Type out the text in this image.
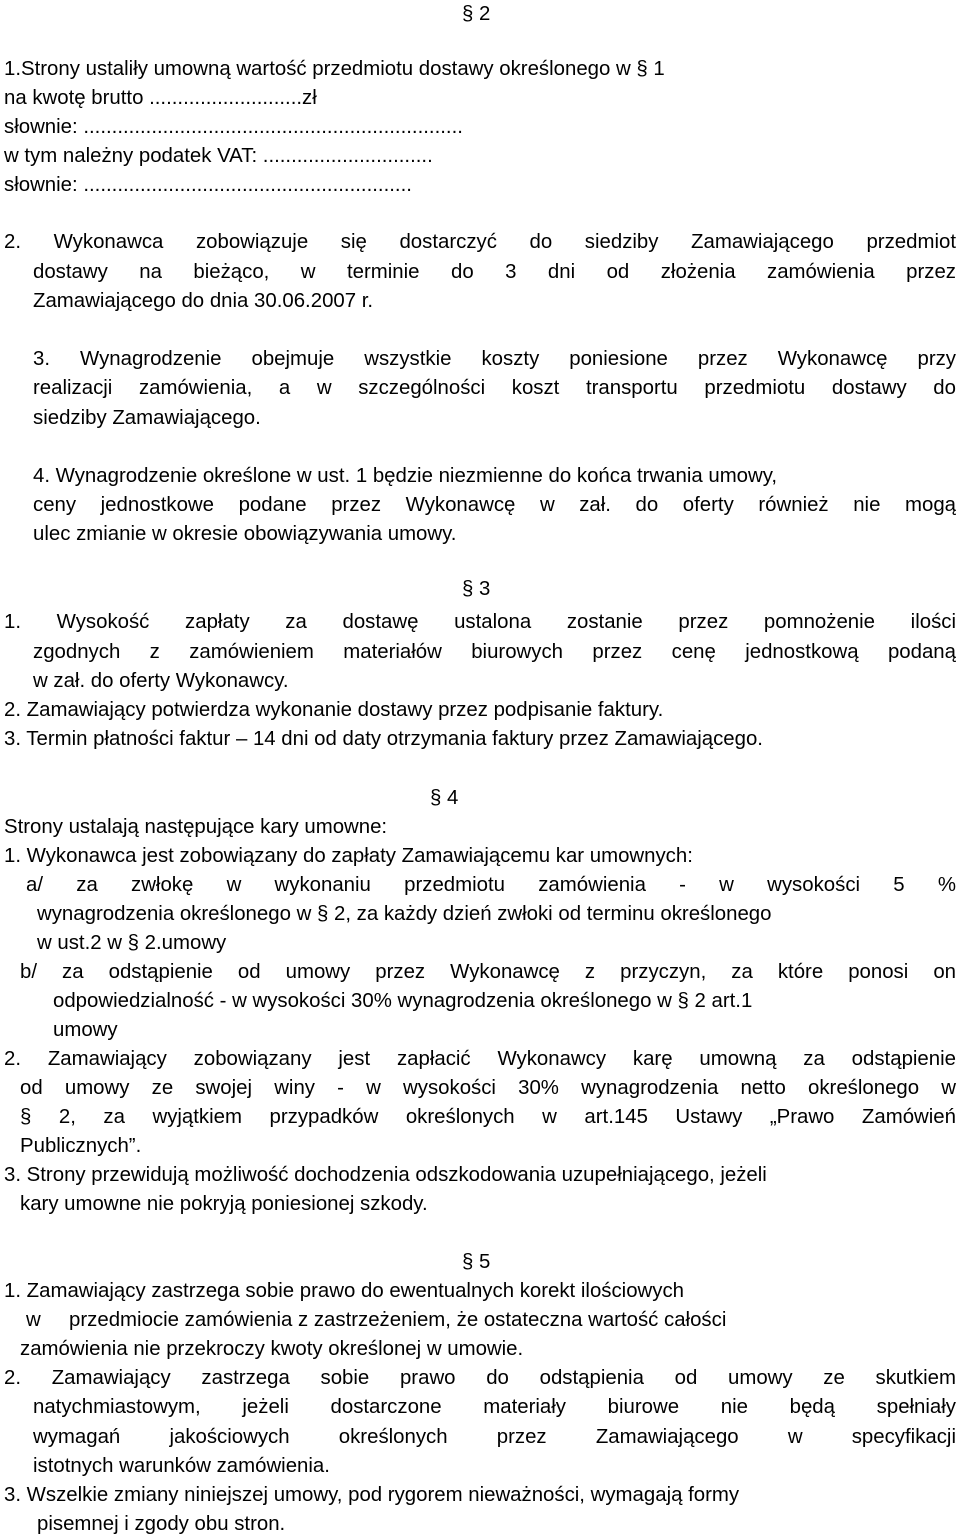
§ 2

1.Strony ustaliły umowną wartość przedmiotu dostawy określonego w § 1

na kwotę brutto ...........................zł

słownie: ...................................................................

w tym należny podatek VAT: ..............................

słownie: ..........................................................

2. Wykonawca zobowiązuje się dostarczyć do siedziby Zamawiającego przedmiot

dostawy na bieżąco, w terminie do 3 dni od złożenia zamówienia przez

Zamawiającego do dnia 30.06.2007 r.

3. Wynagrodzenie obejmuje wszystkie koszty poniesione przez Wykonawcę przy

realizacji zamówienia, a w szczególności koszt transportu przedmiotu dostawy do

siedziby Zamawiającego.

4. Wynagrodzenie określone w ust. 1 będzie niezmienne do końca trwania umowy,

ceny jednostkowe podane przez Wykonawcę w zał. do oferty również nie mogą

ulec zmianie w okresie obowiązywania umowy.

§ 3

1. Wysokość zapłaty za dostawę ustalona zostanie przez pomnożenie ilości

zgodnych z zamówieniem materiałów biurowych przez cenę jednostkową podaną

w zał. do oferty Wykonawcy.

2. Zamawiający potwierdza wykonanie dostawy przez podpisanie faktury.

3. Termin płatności faktur – 14 dni od daty otrzymania faktury przez Zamawiającego.

§ 4

Strony ustalają następujące kary umowne:

1. Wykonawca jest zobowiązany do zapłaty Zamawiającemu kar umownych:

a/ za zwłokę w wykonaniu przedmiotu zamówienia - w wysokości 5 %

wynagrodzenia określonego w § 2, za każdy dzień zwłoki od terminu określonego

w ust.2 w § 2.umowy

b/ za odstąpienie od umowy przez Wykonawcę z przyczyn, za które ponosi on

odpowiedzialność - w wysokości 30% wynagrodzenia określonego w § 2 art.1

umowy

2. Zamawiający zobowiązany jest zapłacić Wykonawcy karę umowną za odstąpienie

od umowy ze swojej winy - w wysokości 30% wynagrodzenia netto określonego w

§ 2, za wyjątkiem przypadków określonych w art.145 Ustawy „Prawo Zamówień

Publicznych”.

3. Strony przewidują możliwość dochodzenia odszkodowania uzupełniającego, jeżeli

kary umowne nie pokryją poniesionej szkody.

§ 5

1. Zamawiający zastrzega sobie prawo do ewentualnych korekt ilościowych

w     przedmiocie zamówienia z zastrzeżeniem, że ostateczna wartość całości

zamówienia nie przekroczy kwoty określonej w umowie.

2. Zamawiający zastrzega sobie prawo do odstąpienia od umowy ze skutkiem

natychmiastowym, jeżeli dostarczone materiały biurowe nie będą spełniały

wymagań jakościowych określonych przez Zamawiającego w specyfikacji

istotnych warunków zamówienia.

3. Wszelkie zmiany niniejszej umowy, pod rygorem nieważności, wymagają formy

pisemnej i zgody obu stron.
